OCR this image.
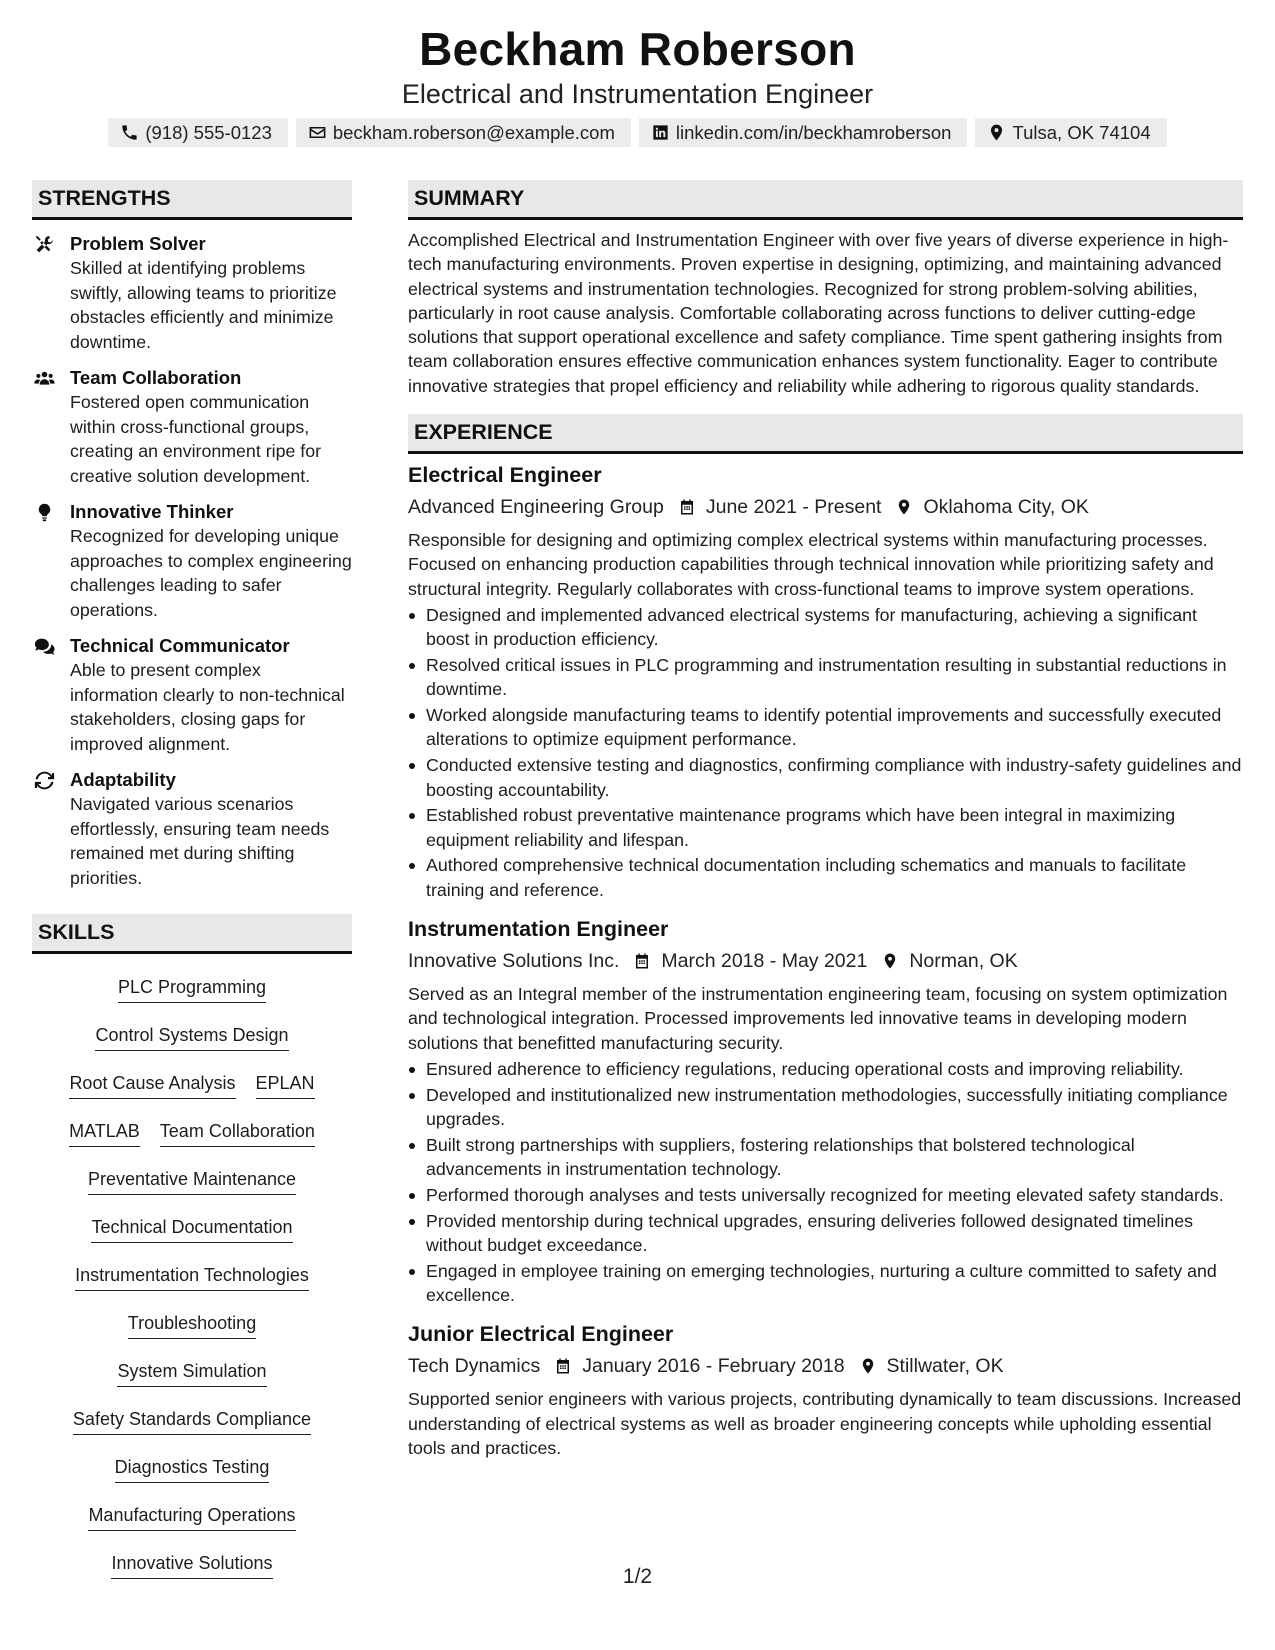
Beckham Roberson
Electrical and Instrumentation Engineer
(918) 555-0123	beckham.roberson@example.com	linkedin.com/in/beckhamroberson	Tulsa, OK 74104
STRENGTHS
Problem Solver
Skilled at identifying problems swiftly, allowing teams to prioritize obstacles efficiently and minimize downtime.
Team Collaboration
Fostered open communication within cross-functional groups, creating an environment ripe for creative solution development.
Innovative Thinker
Recognized for developing unique approaches to complex engineering challenges leading to safer operations.
Technical Communicator
Able to present complex information clearly to non-technical stakeholders, closing gaps for improved alignment.
Adaptability
Navigated various scenarios effortlessly, ensuring team needs remained met during shifting priorities.
SKILLS
PLC Programming
Control Systems Design
Root Cause Analysis EPLAN
MATLAB Team Collaboration
Preventative Maintenance
Technical Documentation
Instrumentation Technologies
Troubleshooting
System Simulation
Safety Standards Compliance
Diagnostics Testing
Manufacturing Operations
Innovative Solutions
SUMMARY
Accomplished Electrical and Instrumentation Engineer with over five years of diverse experience in high-tech manufacturing environments. Proven expertise in designing, optimizing, and maintaining advanced electrical systems and instrumentation technologies. Recognized for strong problem-solving abilities, particularly in root cause analysis. Comfortable collaborating across functions to deliver cutting-edge solutions that support operational excellence and safety compliance. Time spent gathering insights from team collaboration ensures effective communication enhances system functionality. Eager to contribute innovative strategies that propel efficiency and reliability while adhering to rigorous quality standards.
EXPERIENCE
Electrical Engineer
Advanced Engineering Group June 2021 - Present Oklahoma City, OK
Responsible for designing and optimizing complex electrical systems within manufacturing processes. Focused on enhancing production capabilities through technical innovation while prioritizing safety and structural integrity. Regularly collaborates with cross-functional teams to improve system operations.
Designed and implemented advanced electrical systems for manufacturing, achieving a significant boost in production efficiency.
Resolved critical issues in PLC programming and instrumentation resulting in substantial reductions in downtime.
Worked alongside manufacturing teams to identify potential improvements and successfully executed alterations to optimize equipment performance.
Conducted extensive testing and diagnostics, confirming compliance with industry-safety guidelines and boosting accountability.
Established robust preventative maintenance programs which have been integral in maximizing equipment reliability and lifespan.
Authored comprehensive technical documentation including schematics and manuals to facilitate training and reference.
Instrumentation Engineer
Innovative Solutions Inc. March 2018 - May 2021 Norman, OK
Served as an Integral member of the instrumentation engineering team, focusing on system optimization and technological integration. Processed improvements led innovative teams in developing modern solutions that benefitted manufacturing security.
Ensured adherence to efficiency regulations, reducing operational costs and improving reliability.
Developed and institutionalized new instrumentation methodologies, successfully initiating compliance upgrades.
Built strong partnerships with suppliers, fostering relationships that bolstered technological advancements in instrumentation technology.
Performed thorough analyses and tests universally recognized for meeting elevated safety standards.
Provided mentorship during technical upgrades, ensuring deliveries followed designated timelines without budget exceedance.
Engaged in employee training on emerging technologies, nurturing a culture committed to safety and excellence.
Junior Electrical Engineer
Tech Dynamics January 2016 - February 2018 Stillwater, OK
Supported senior engineers with various projects, contributing dynamically to team discussions. Increased understanding of electrical systems as well as broader engineering concepts while upholding essential tools and practices.
1/2
